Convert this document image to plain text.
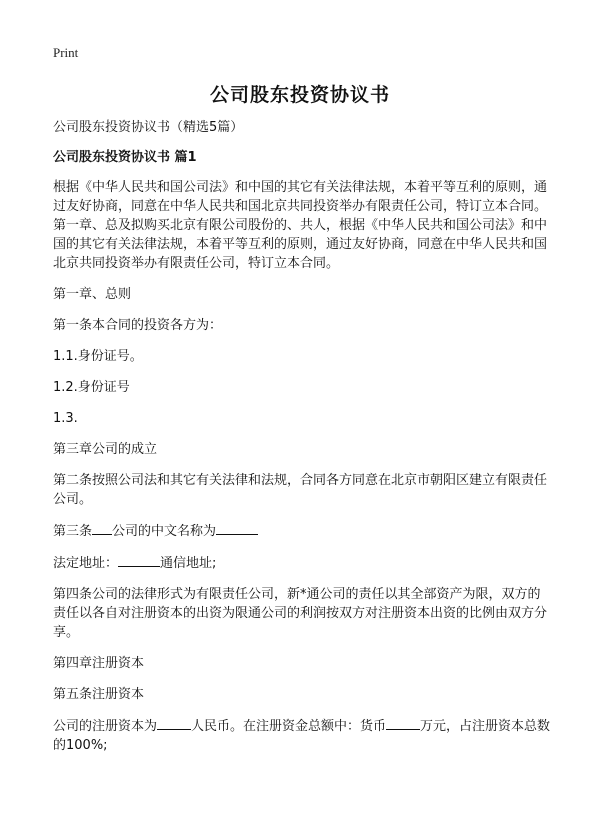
Print
公司股东投资协议书

公司股东投资协议书（精选5篇）

公司股东投资协议书 篇1

根据《中华人民共和国公司法》和中国的其它有关法律法规，本着平等互利的原则，通过友好协商，同意在中华人民共和国北京共同投资举办有限责任公司，特订立本合同。第一章、总及拟购买北京有限公司股份的、共人，根据《中华人民共和国公司法》和中国的其它有关法律法规，本着平等互利的原则，通过友好协商，同意在中华人民共和国北京共同投资举办有限责任公司，特订立本合同。

第一章、总则

第一条本合同的投资各方为：

1.1.身份证号。

1.2.身份证号

1.3.

第三章公司的成立

第二条按照公司法和其它有关法律和法规，合同各方同意在北京市朝阳区建立有限责任公司。

第三条 公司的中文名称为

法定地址：	通信地址;

第四条公司的法律形式为有限责任公司，新*通公司的责任以其全部资产为限，双方的责任以各自对注册资本的出资为限通公司的利润按双方对注册资本出资的比例由双方分享。

第四章注册资本

第五条注册资本

公司的注册资本为	人民币。在注册资金总额中：货币	万元，占注册资本总数的100%;
